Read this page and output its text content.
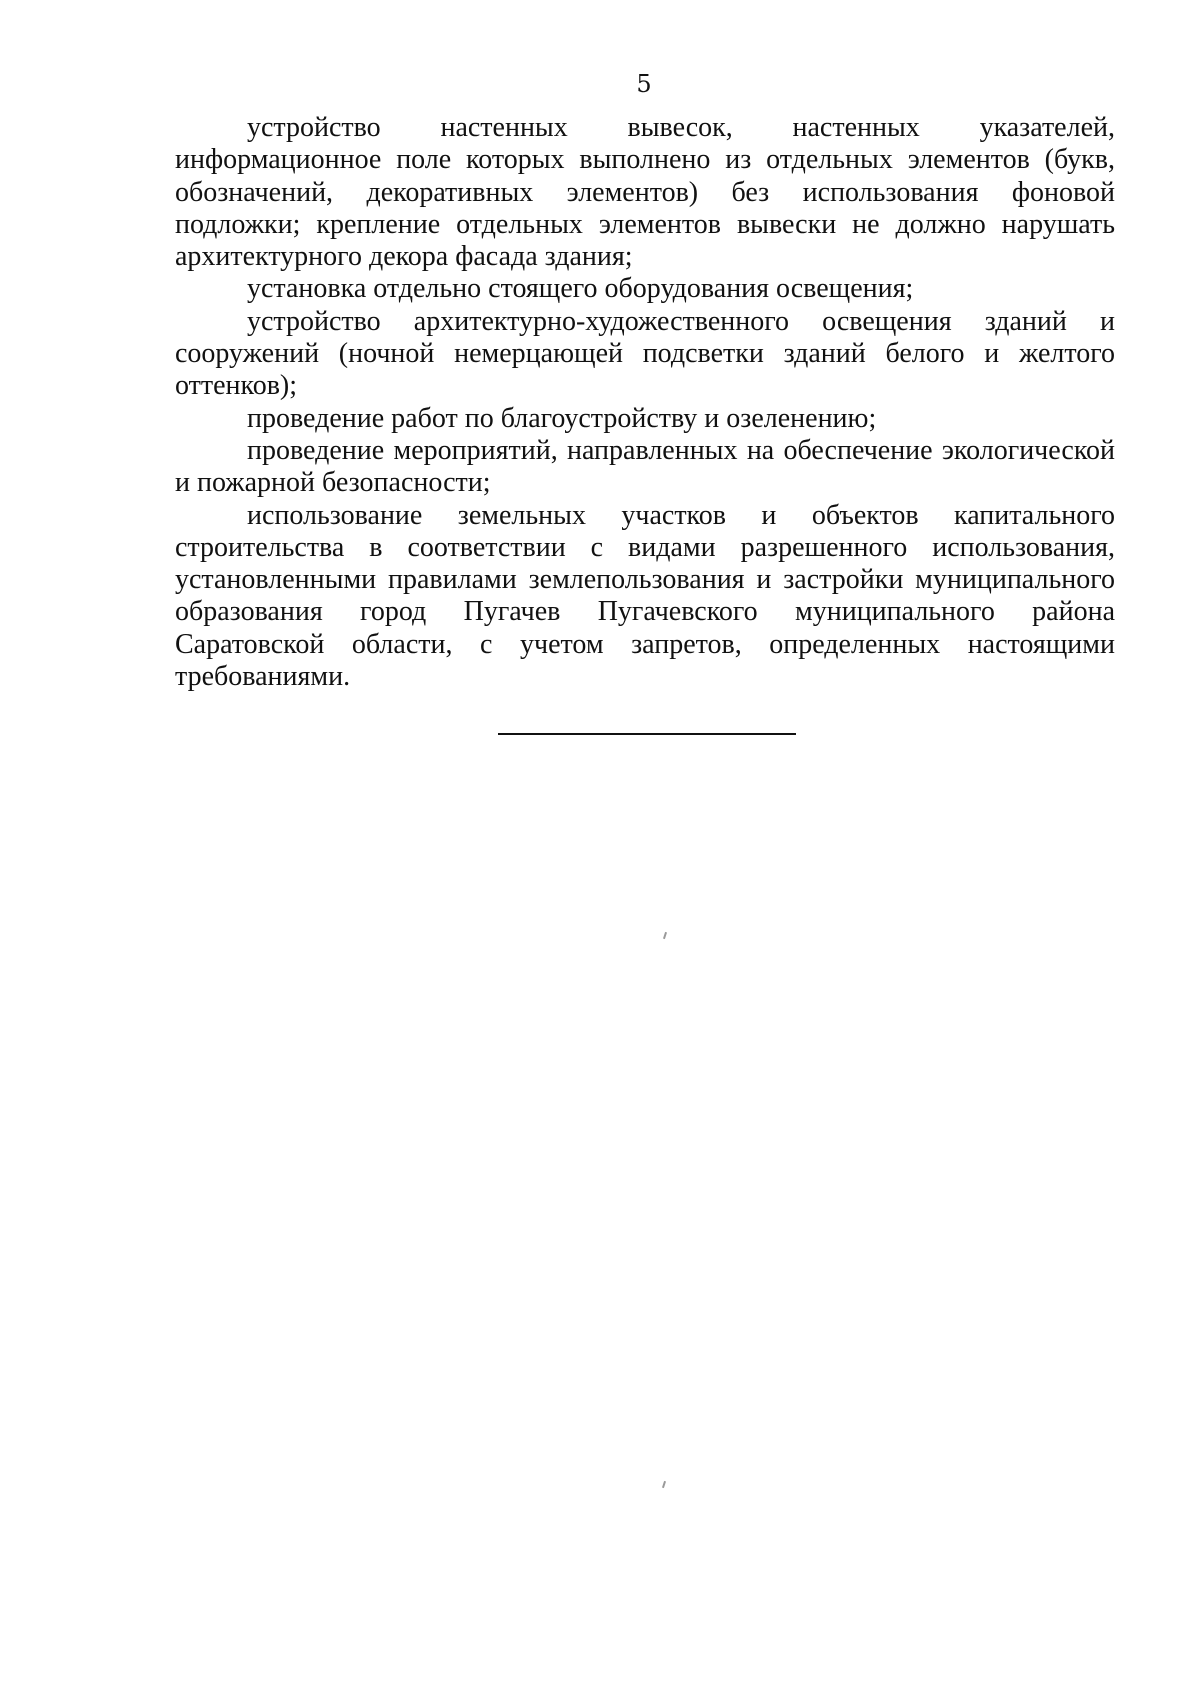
5

устройство настенных вывесок, настенных указателей, информационное поле которых выполнено из отдельных элементов (букв, обозначений, декоративных элементов) без использования фоновой подложки; крепление отдельных элементов вывески не должно нарушать архитектурного декора фасада здания;

установка отдельно стоящего оборудования освещения;

устройство архитектурно-художественного освещения зданий и сооружений (ночной немерцающей подсветки зданий белого и желтого оттенков);

проведение работ по благоустройству и озеленению;

проведение мероприятий, направленных на обеспечение экологической и пожарной безопасности;

использование земельных участков и объектов капитального строительства в соответствии с видами разрешенного использования, установленными правилами землепользования и застройки муниципального образования город Пугачев Пугачевского муниципального района Саратовской области, с учетом запретов, определенных настоящими требованиями.
